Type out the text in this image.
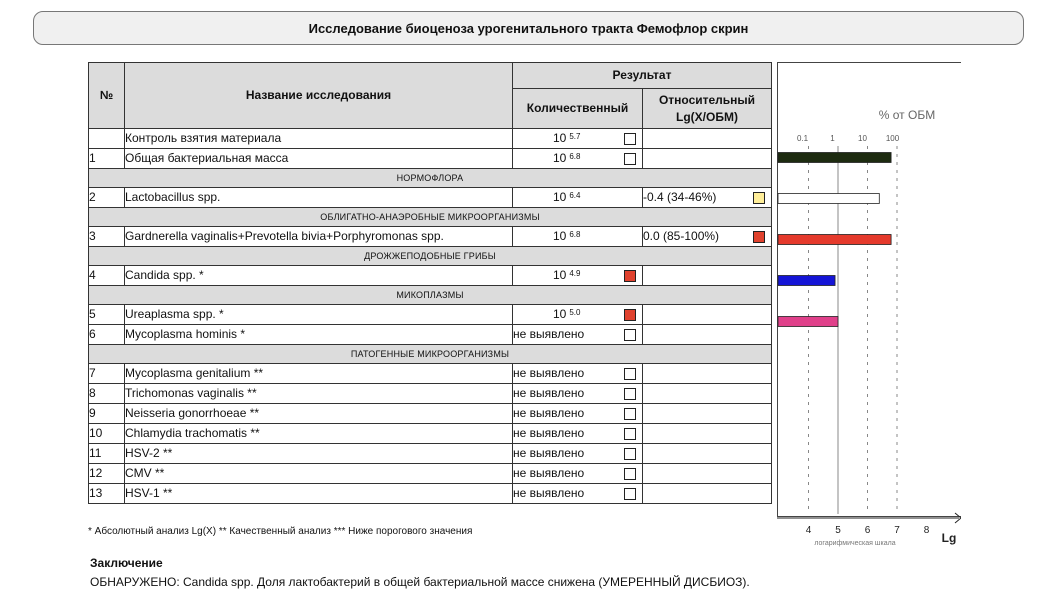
Исследование биоценоза урогенитального тракта Фемофлор скрин
№	Название исследования	Результат	
		Количественный	Относительный
Lg(X/ОБМ)
	Контроль взятия материала	10 $^{5.7}$

1	Общая бактериальная масса	10 $^{6.8}$

НОРМОФЛОРА			
2	Lactobacillus spp.	10 $^{6.4}$	-0.4 (34-46%)

ОБЛИГАТНО-АНАЭРОБНЫЕ МИКРООРГАНИЗМЫ			
3	Gardnerella vaginalis+Prevotella bivia+Porphyromonas spp.	10 $^{6.8}$	0.0 (85-100%)

ДРОЖЖЕПОДОБНЫЕ ГРИБЫ			
4	Candida spp. *	10 $^{4.9}$

МИКОПЛАЗМЫ			
5	Ureaplasma spp. *	10 $^{5.0}$

6	Mycoplasma hominis *	не выявлено

ПАТОГЕННЫЕ МИКРООРГАНИЗМЫ			
7	Mycoplasma genitalium **	не выявлено

8	Trichomonas vaginalis **	не выявлено

9	Neisseria gonorrhoeae **	не выявлено

10	Chlamydia trachomatis **	не выявлено

11	HSV-2 **	не выявлено

12	CMV **	не выявлено

13	HSV-1 **	не выявлено

% от ОБМ
0.1	1	10 100
4 5 6 7 8
логарифмическая шкала	Lg
* Абсолютный анализ Lg(X) ** Качественный анализ *** Ниже порогового значения
Заключение
ОБНАРУЖЕНО: Candida spp. Доля лактобактерий в общей бактериальной массе снижена (УМЕРЕННЫЙ ДИСБИОЗ).
